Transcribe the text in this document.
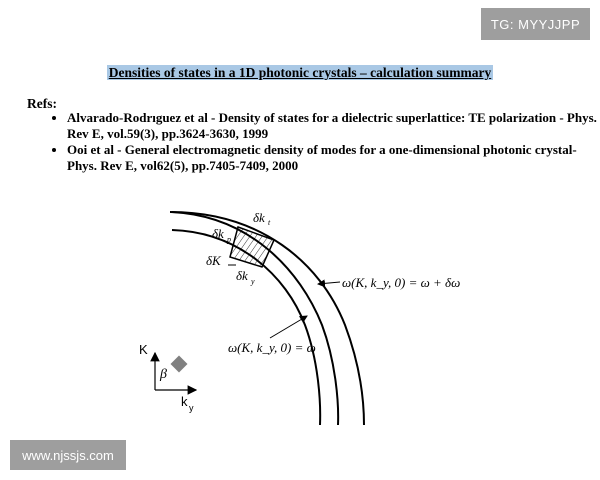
TG: MYYJJPP
Densities of states in a 1D photonic crystals – calculation summary
Refs:
• Alvarado-Rodrıguez et al - Density of states for a dielectric superlattice: TE polarization - Phys. Rev E, vol.59(3), pp.3624-3630, 1999
• Ooi et al - General electromagnetic density of modes for a one-dimensional photonic crystal- Phys. Rev E, vol62(5), pp.7405-7409, 2000
δk t
δk p
δK
δk y	ω(K, k_y, 0) = ω + δω
ω(K, k_y, 0) = ω
K
k y
β
www.njssjs.com
